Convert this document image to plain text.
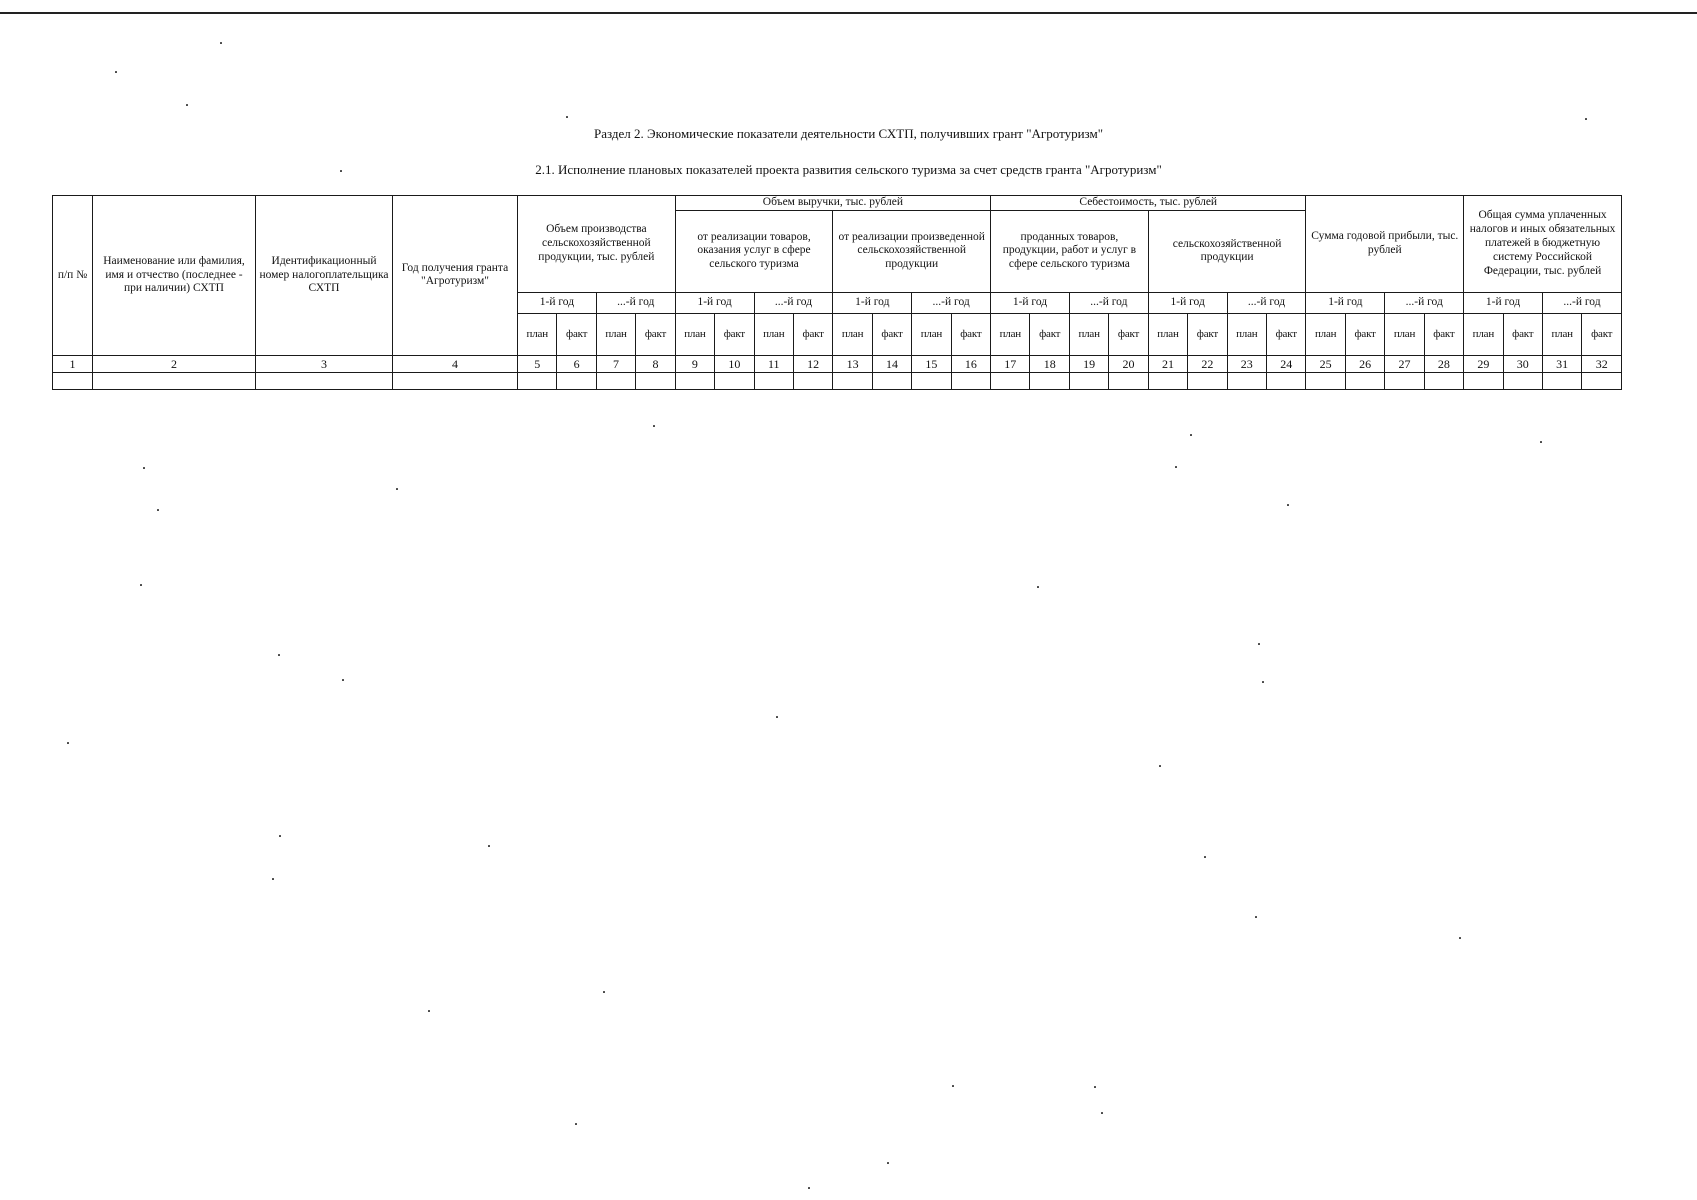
Раздел 2. Экономические показатели деятельности СХТП, получивших грант "Агротуризм"
2.1. Исполнение плановых показателей проекта развития сельского туризма за счет средств гранта "Агротуризм"
п/п №	Наименование или фамилия, имя и отчество (последнее - при наличии) СХТП	Идентификационный номер налогоплательщика СХТП	Год получения гранта "Агротуризм"	Объем производства сельскохозяйственной продукции, тыс. рублей				Объем выручки, тыс. рублей								Себестоимость, тыс. рублей								Сумма годовой прибыли, тыс. рублей				Общая сумма уплаченных налогов и иных обязательных платежей в бюджетную систему Российской Федерации, тыс. рублей			
								от реализации товаров, оказания услуг в сфере сельского туризма				от реализации произведенной сельскохозяйственной продукции				проданных товаров, продукции, работ и услуг в сфере сельского туризма				сельскохозяйственной продукции											
				1-й год		...-й год		1-й год		...-й год		1-й год		...-й год		1-й год		...-й год		1-й год		...-й год		1-й год		...-й год		1-й год		...-й год	
				план	факт	план	факт	план	факт	план	факт	план	факт	план	факт	план	факт	план	факт	план	факт	план	факт	план	факт	план	факт	план	факт	план	факт
1	2	3	4	5	6	7	8	9	10	11	12	13	14	15	16	17	18	19	20	21	22	23	24	25	26	27	28	29	30	31	32
